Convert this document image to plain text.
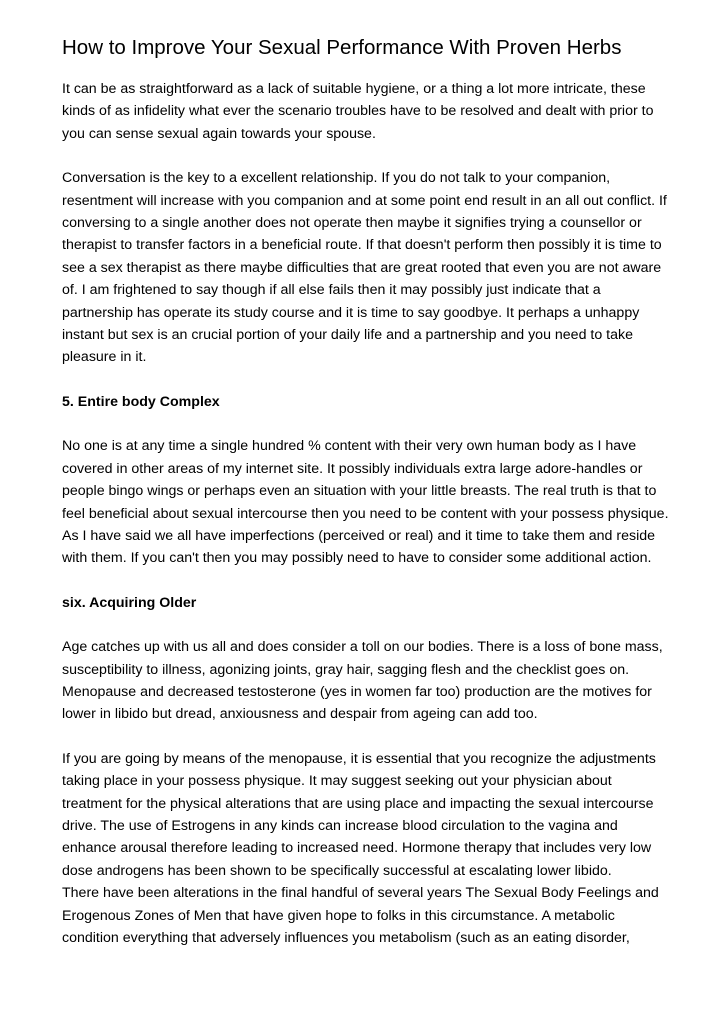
How to Improve Your Sexual Performance With Proven Herbs

It can be as straightforward as a lack of suitable hygiene, or a thing a lot more intricate, these kinds of as infidelity what ever the scenario troubles have to be resolved and dealt with prior to you can sense sexual again towards your spouse.

Conversation is the key to a excellent relationship. If you do not talk to your companion, resentment will increase with you companion and at some point end result in an all out conflict. If conversing to a single another does not operate then maybe it signifies trying a counsellor or therapist to transfer factors in a beneficial route. If that doesn't perform then possibly it is time to see a sex therapist as there maybe difficulties that are great rooted that even you are not aware of. I am frightened to say though if all else fails then it may possibly just indicate that a partnership has operate its study course and it is time to say goodbye. It perhaps a unhappy instant but sex is an crucial portion of your daily life and a partnership and you need to take pleasure in it.

5. Entire body Complex

No one is at any time a single hundred % content with their very own human body as I have covered in other areas of my internet site. It possibly individuals extra large adore-handles or people bingo wings or perhaps even an situation with your little breasts. The real truth is that to feel beneficial about sexual intercourse then you need to be content with your possess physique. As I have said we all have imperfections (perceived or real) and it time to take them and reside with them. If you can't then you may possibly need to have to consider some additional action.

six. Acquiring Older

Age catches up with us all and does consider a toll on our bodies. There is a loss of bone mass, susceptibility to illness, agonizing joints, gray hair, sagging flesh and the checklist goes on. Menopause and decreased testosterone (yes in women far too) production are the motives for lower in libido but dread, anxiousness and despair from ageing can add too.

If you are going by means of the menopause, it is essential that you recognize the adjustments taking place in your possess physique. It may suggest seeking out your physician about treatment for the physical alterations that are using place and impacting the sexual intercourse drive. The use of Estrogens in any kinds can increase blood circulation to the vagina and enhance arousal therefore leading to increased need. Hormone therapy that includes very low dose androgens has been shown to be specifically successful at escalating lower libido.

There have been alterations in the final handful of several years The Sexual Body Feelings and Erogenous Zones of Men that have given hope to folks in this circumstance. A metabolic condition everything that adversely influences you metabolism (such as an eating disorder,
